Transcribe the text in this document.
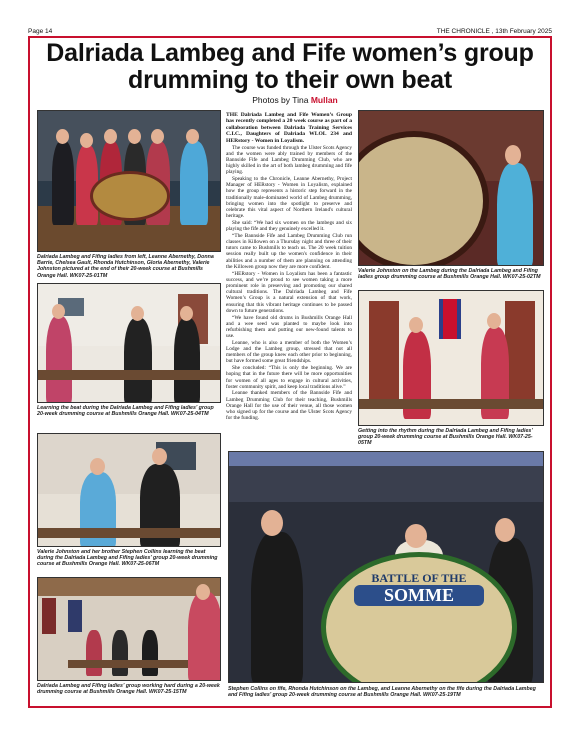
Page 14	THE CHRONICLE , 13th February 2025
Dalriada Lambeg and Fife women’s group drumming to their own beat
Photos by Tina Mullan
Dalriada Lambeg and Fifing ladies from left, Leanne Abernethy, Donna Barrie, Chelsea Gault, Rhonda Hutchinson, Gloria Abernethy, Valerie Johnston pictured at the end of their 20-week course at Bushmills Orange Hall. WK07-25-01TM
Learning the beat during the Dalriada Lambeg and Fifing ladies’ group 20-week drumming course at Bushmills Orange Hall. WK07-25-04TM
Valerie Johnston and her brother Stephen Collins learning the beat during the Dalriada Lambeg and Fifing ladies’ group 20-week drumming course at Bushmills Orange Hall. WK07-25-06TM
Dalriada Lambeg and Fifing ladies’ group working hard during a 20-week drumming course at Bushmills Orange Hall. WK07-25-15TM

THE Dalriada Lambeg and Fife Women’s Group has recently completed a 20 week course as part of a collaboration between Dalriada Training Services C.I.C., Daughters of Dalriada WLOL 234 and HERstory - Women in Loyalism.

The course was funded through the Ulster Scots Agency and the women were ably trained by members of the Bannside Fife and Lambeg Drumming Club, who are highly skilled in the art of both lambeg drumming and fife playing.

Speaking to the Chronicle, Leanne Abernethy, Project Manager of HERstory - Women in Loyalism, explained how the group represents a historic step forward in the traditionally male-dominated world of Lambeg drumming, bringing women into the spotlight to preserve and celebrate this vital aspect of Northern Ireland's cultural heritage.

She said: “We had six women on the lambegs and six playing the fife and they genuinely excelled it.

“The Bannside Fife and Lambeg Drumming Club run classes in Killowen on a Thursday night and three of their tutors came to Bushmills to teach us. The 20 week tuition session really built up the women's confidence in their abilities and a number of them are planning on attending the Killowen group now they are more confident.

“HERstory - Women in Loyalism has been a fantastic success, and we’re proud to see women taking a more prominent role in preserving and promoting our shared cultural traditions. The Dalriada Lambeg and Fife Women’s Group is a natural extension of that work, ensuring that this vibrant heritage continues to be passed down to future generations.

“We have found old drums in Bushmills Orange Hall and a wee seed was planted to maybe look into refurbishing them and putting our new-found talents to use.

Leanne, who is also a member of both the Women’s Lodge and the Lambeg group, stressed that not all members of the group knew each other prior to beginning, but have formed some great friendships.

She concluded: “This is only the beginning. We are hoping that in the future there will be more opportunities for women of all ages to engage in cultural activities, foster community spirit, and keep local traditions alive.”

Leanne thanked members of the Bannside Fife and Lambeg Drumming Club for their teaching, Bushmills Orange Hall for the use of their venue, all those women who signed up for the course and the Ulster Scots Agency for the funding.

Valerie Johnston on the Lambeg during the Dalriada Lambeg and Fifing ladies group drumming course at Bushmills Orange Hall. WK07-25-02TM
Getting into the rhythm during the Dalriada Lambeg and Fifing ladies’ group 20-week drumming course at Bushmills Orange Hall. WK07-25-05TM
BATTLE OF THE
SOMME
Stephen Collins on fife, Rhonda Hutchinson on the Lambeg, and Leanne Abernethy on the fife during the Dalriada Lambeg and Fifing ladies’ group 20-week drumming course at Bushmills Orange Hall. WK07-25-19TM
